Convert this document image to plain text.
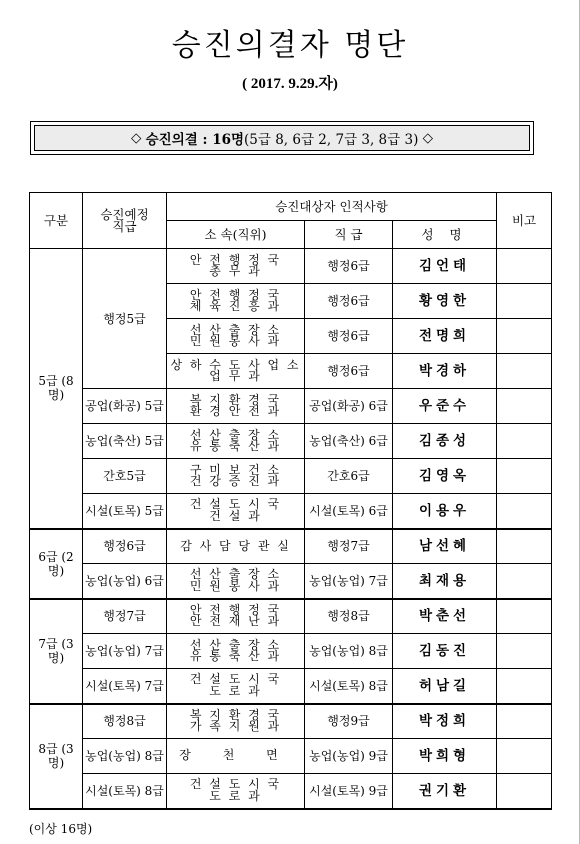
승진의결자 명단
( 2017. 9.29.자)
◇
승진의결 : 16명 (5급 8, 6급 2, 7급 3, 8급 3)
◇
구분	승진예정 직급	승진대상자 인적사항			비고
		소 속(직위)	직 급	성 명	
5급 (8명)	행정5급	안 전 행 정 국
총 무 과	행정6급	김언태	

		안 전 행 정 국
체 육 진 흥 과	행정6급	황영한	

		선 산 출 장 소
민 원 봉 사 과	행정6급	전명희	

		상 하 수 도 사 업 소
업 무 과	행정6급	박경하	
	공업(화공) 5급	복 지 환 경 국
환 경 안 전 과	공업(화공) 6급	우준수	
	농업(축산) 5급	선 산 출 장 소
유 통 축 산 과	농업(축산) 6급	김종성	
	간호5급	구 미 보 건 소
건 강 증 진 과	간호6급	김영옥	
	시설(토목) 5급	건 설 도 시 국
건 설 과	시설(토목) 6급	이용우	
6급 (2명)	행정6급	감 사 담 당 관 실	행정7급	남선혜	
	농업(농업) 6급	선 산 출 장 소
민 원 봉 사 과	농업(농업) 7급	최재용	
7급 (3명)	행정7급	안 전 행 정 국
안 전 재 난 과	행정8급	박춘선	
	농업(농업) 7급	선 산 출 장 소
유 통 축 산 과	농업(농업) 8급	김동진	
	시설(토목) 7급	건 설 도 시 국
도 로 과	시설(토목) 8급	허남길	
8급 (3명)	행정8급	복 지 환 경 국
가 족 지 원 과	행정9급	박정희	
	농업(농업) 8급	장 천 면	농업(농업) 9급	박희형	
	시설(토목) 8급	건 설 도 시 국
도 로 과	시설(토목) 9급	권기환	
(이상 16명)
